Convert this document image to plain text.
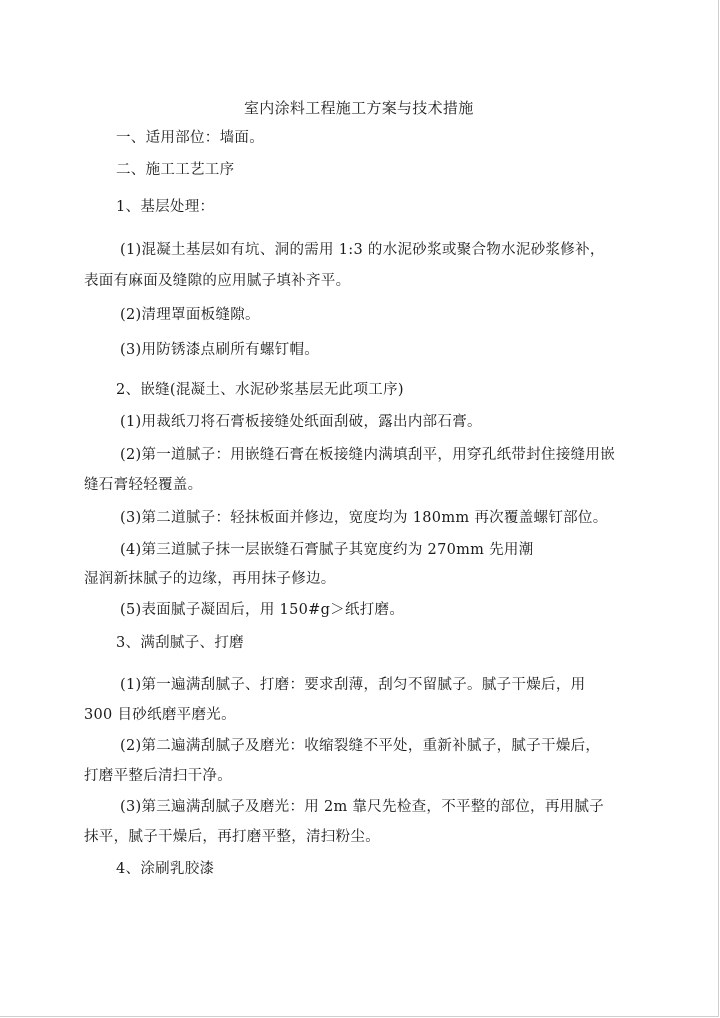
室内涂料工程施工方案与技术措施
一、适用部位：墙面。
二、施工工艺工序
1、基层处理：
(1)混凝土基层如有坑、洞的需用 1:3 的水泥砂浆或聚合物水泥砂浆修补，
表面有麻面及缝隙的应用腻子填补齐平。
(2)清理罩面板缝隙。
(3)用防锈漆点刷所有螺钉帽。
2、嵌缝(混凝土、水泥砂浆基层无此项工序)
(1)用裁纸刀将石膏板接缝处纸面刮破，露出内部石膏。
(2)第一道腻子：用嵌缝石膏在板接缝内满填刮平，用穿孔纸带封住接缝用嵌
缝石膏轻轻覆盖。
(3)第二道腻子：轻抹板面并修边，宽度均为 180mm 再次覆盖螺钉部位。
(4)第三道腻子抹一层嵌缝石膏腻子其宽度约为 270mm 先用潮
湿润新抹腻子的边缘，再用抹子修边。
(5)表面腻子凝固后，用 150#g＞纸打磨。
3、满刮腻子、打磨
(1)第一遍满刮腻子、打磨：要求刮薄，刮匀不留腻子。腻子干燥后，用
300 目砂纸磨平磨光。
(2)第二遍满刮腻子及磨光：收缩裂缝不平处，重新补腻子，腻子干燥后，
打磨平整后清扫干净。
(3)第三遍满刮腻子及磨光：用 2m 靠尺先检查，不平整的部位，再用腻子
抹平，腻子干燥后，再打磨平整，清扫粉尘。
4、涂刷乳胶漆
